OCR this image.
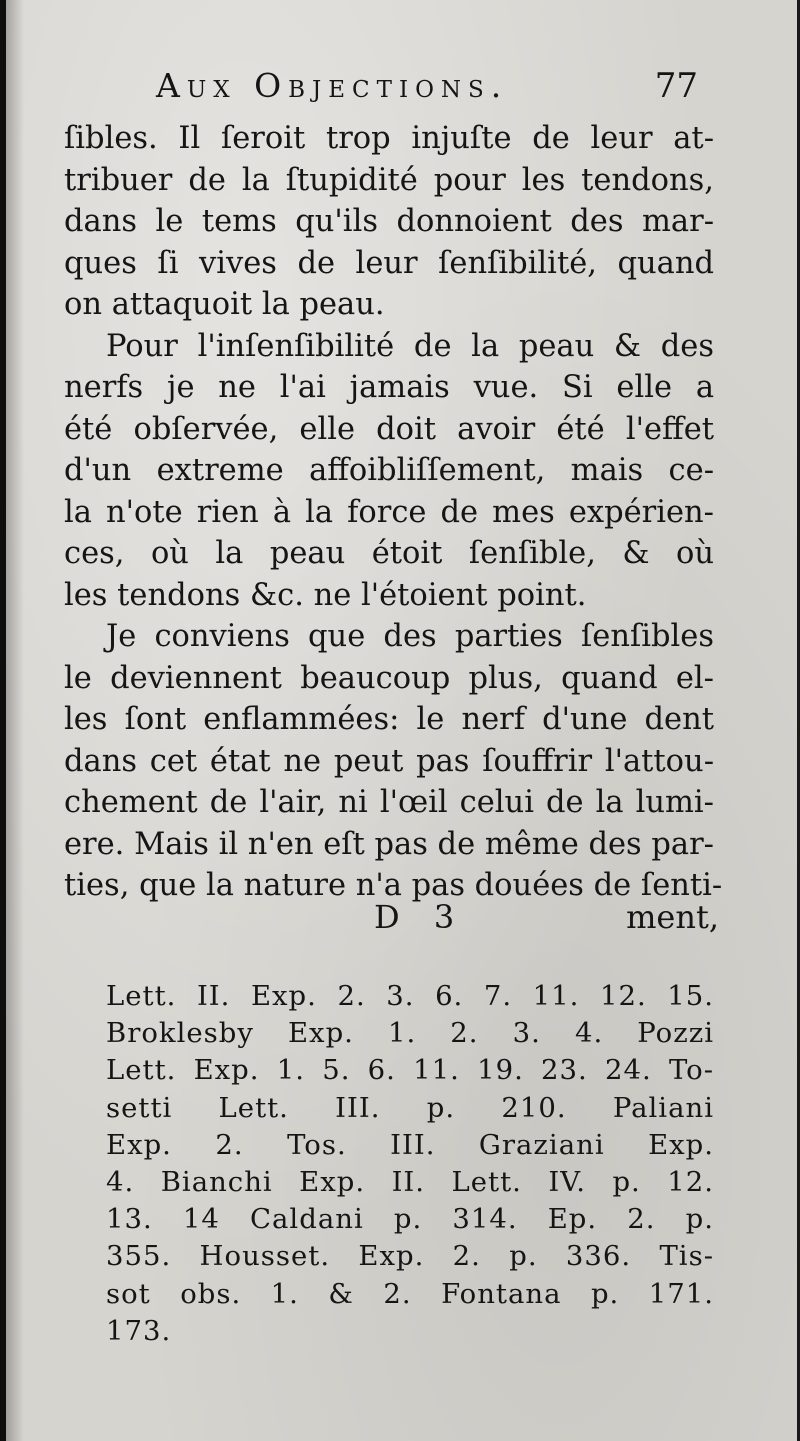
Aux Objections.	77
ſibles. Il ſeroit trop injuſte de leur at-
tribuer de la ſtupidité pour les tendons,
dans le tems qu'ils donnoient des mar-
ques ſi vives de leur ſenſibilité, quand
on attaquoit la peau.
Pour l'inſenſibilité de la peau & des
nerfs je ne l'ai jamais vue. Si elle a
été obſervée, elle doit avoir été l'effet
d'un extreme affoibliſſement, mais ce-
la n'ote rien à la force de mes expérien-
ces, où la peau étoit ſenſible, & où
les tendons &c. ne l'étoient point.
Je conviens que des parties ſenſibles
le deviennent beaucoup plus, quand el-
les ſont enflammées: le nerf d'une dent
dans cet état ne peut pas ſouffrir l'attou-
chement de l'air, ni l'œil celui de la lumi-
ere. Mais il n'en eſt pas de même des par-
ties, que la nature n'a pas douées de ſenti-
D 3	ment,
Lett. II. Exp. 2. 3. 6. 7. 11. 12. 15.
Broklesby Exp. 1. 2. 3. 4. Pozzi
Lett. Exp. 1. 5. 6. 11. 19. 23. 24. To-
setti Lett. III. p. 210. Paliani
Exp. 2. Tos. III. Graziani Exp.
4. Bianchi Exp. II. Lett. IV. p. 12.
13. 14 Caldani p. 314. Ep. 2. p.
355. Housset. Exp. 2. p. 336. Tis-
sot obs. 1. & 2. Fontana p. 171.
173.
